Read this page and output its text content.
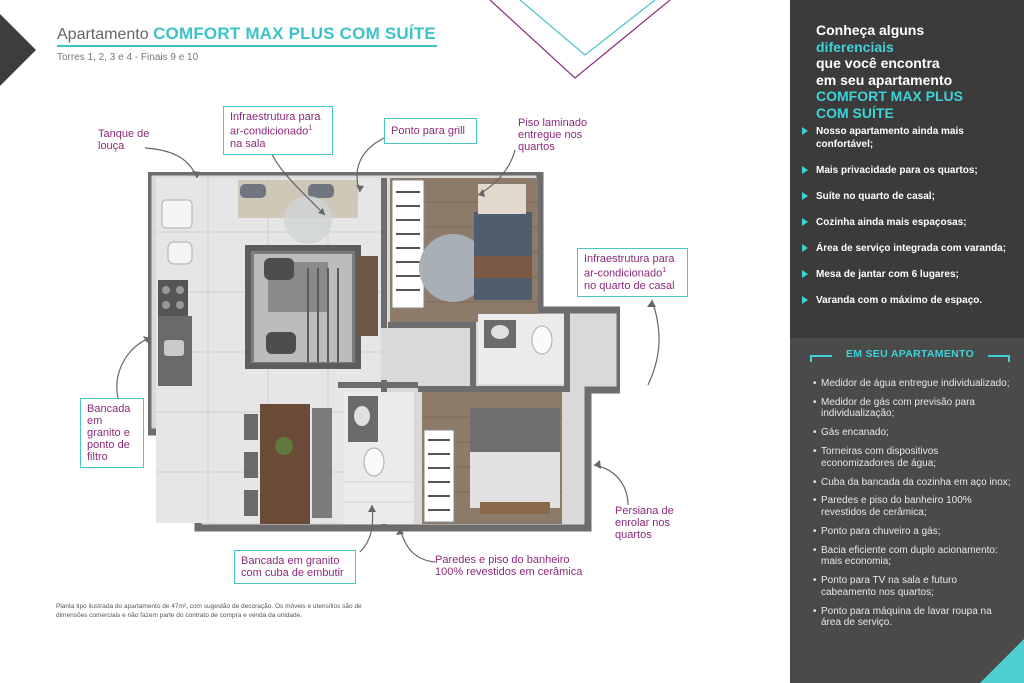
Apartamento COMFORT MAX PLUS COM SUÍTE
Torres 1, 2, 3 e 4 - Finais 9 e 10
Tanque de louça
Infraestrutura para
ar-condicionado$^1$
na sala
Ponto para grill
Piso laminado entregue nos quartos
Infraestrutura para
ar-condicionado$^1$
no quarto de casal
Bancada em granito e ponto de filtro
Persiana de enrolar nos quartos
Bancada em granito com cuba de embutir
Paredes e piso do banheiro 100% revestidos em cerâmica
Planta tipo ilustrada do apartamento de 47m², com sugestão de decoração. Os móveis e utensílios são de dimensões comerciais e não fazem parte do contrato de compra e venda da unidade.
Conheça alguns
diferenciais
que você encontra
em seu apartamento
COMFORT MAX PLUS
COM SUÍTE
Nosso apartamento ainda mais confortável;
Mais privacidade para os quartos;
Suíte no quarto de casal;
Cozinha ainda mais espaçosas;
Área de serviço integrada com varanda;
Mesa de jantar com 6 lugares;
Varanda com o máximo de espaço.
EM SEU APARTAMENTO
• Medidor de água entregue individualizado;
• Medidor de gás com previsão para individualização;
• Gás encanado;
• Torneiras com dispositivos economizadores de água;
• Cuba da bancada da cozinha em aço inox;
• Paredes e piso do banheiro 100% revestidos de cerâmica;
• Ponto para chuveiro a gás;
• Bacia eficiente com duplo acionamento: mais economia;
• Ponto para TV na sala e futuro cabeamento nos quartos;
• Ponto para máquina de lavar roupa na área de serviço.
